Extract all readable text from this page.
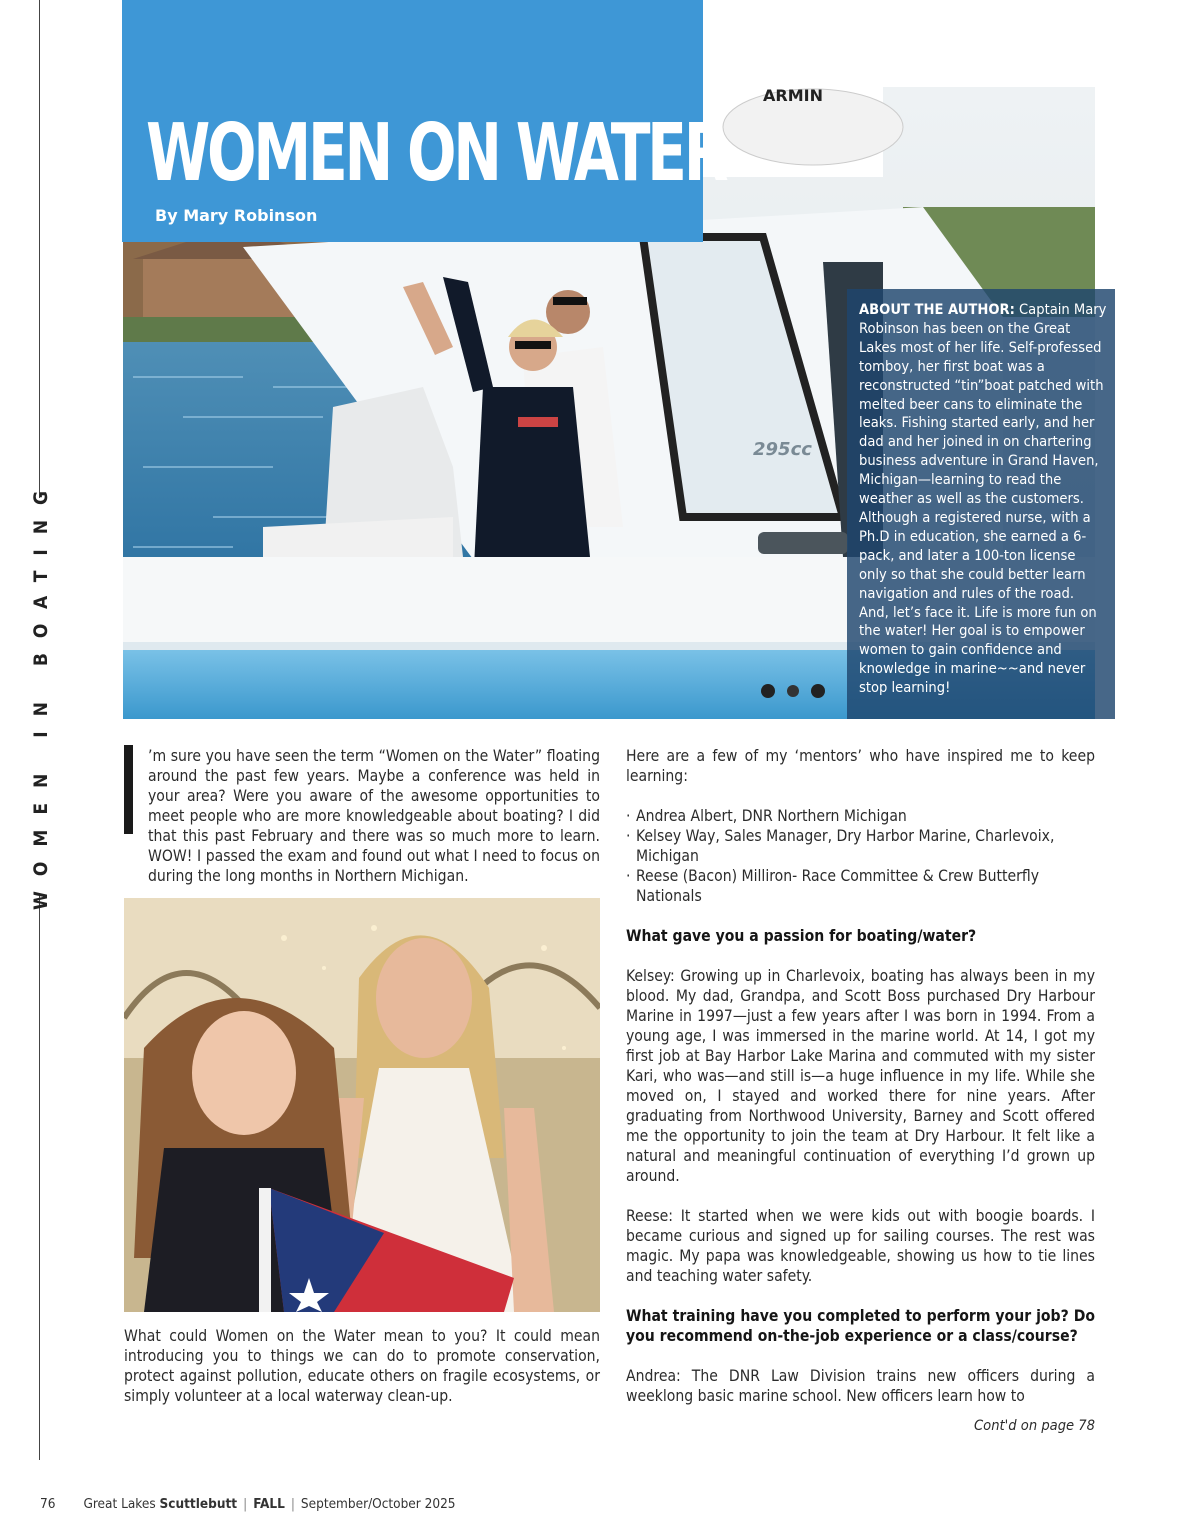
WOMEN IN BOATING
ARMIN
295cc
WOMEN ON WATER
By Mary Robinson
ABOUT THE AUTHOR: Captain Mary Robinson has been on the Great Lakes most of her life. Self-professed tomboy, her first boat was a reconstructed “tin”boat patched with melted beer cans to eliminate the leaks. Fishing started early, and her dad and her joined in on chartering business adventure in Grand Haven, Michigan—learning to read the weather as well as the customers. Although a registered nurse, with a Ph.D in education, she earned a 6-pack, and later a 100-ton license only so that she could better learn navigation and rules of the road. And, let’s face it. Life is more fun on the water! Her goal is to empower women to gain confidence and knowledge in marine~~and never stop learning!

’m sure you have seen the term “Women on the Water” floating around the past few years. Maybe a conference was held in your area? Were you aware of the awesome opportunities to meet people who are more knowledgeable about boating? I did that this past February and there was so much more to learn. WOW! I passed the exam and found out what I need to focus on during the long months in Northern Michigan.

What could Women on the Water mean to you? It could mean introducing you to things we can do to promote conservation, protect against pollution, educate others on fragile ecosystems, or simply volunteer at a local waterway clean-up.

Here are a few of my ‘mentors’ who have inspired me to keep learning:

· Andrea Albert, DNR Northern Michigan
· Kelsey Way, Sales Manager, Dry Harbor Marine, Charlevoix, Michigan
· Reese (Bacon) Milliron- Race Committee & Crew Butterfly Nationals

What gave you a passion for boating/water?

Kelsey: Growing up in Charlevoix, boating has always been in my blood. My dad, Grandpa, and Scott Boss purchased Dry Harbour Marine in 1997—just a few years after I was born in 1994. From a young age, I was immersed in the marine world. At 14, I got my first job at Bay Harbor Lake Marina and commuted with my sister Kari, who was—and still is—a huge influence in my life. While she moved on, I stayed and worked there for nine years. After graduating from Northwood University, Barney and Scott offered me the opportunity to join the team at Dry Harbour. It felt like a natural and meaningful continuation of everything I’d grown up around.

Reese: It started when we were kids out with boogie boards. I became curious and signed up for sailing courses. The rest was magic. My papa was knowledgeable, showing us how to tie lines and teaching water safety.

What training have you completed to perform your job? Do you recommend on-the-job experience or a class/course?

Andrea: The DNR Law Division trains new officers during a weeklong basic marine school. New officers learn how to

Cont'd on page 78
76 Great Lakes Scuttlebutt | FALL | September/October 2025
